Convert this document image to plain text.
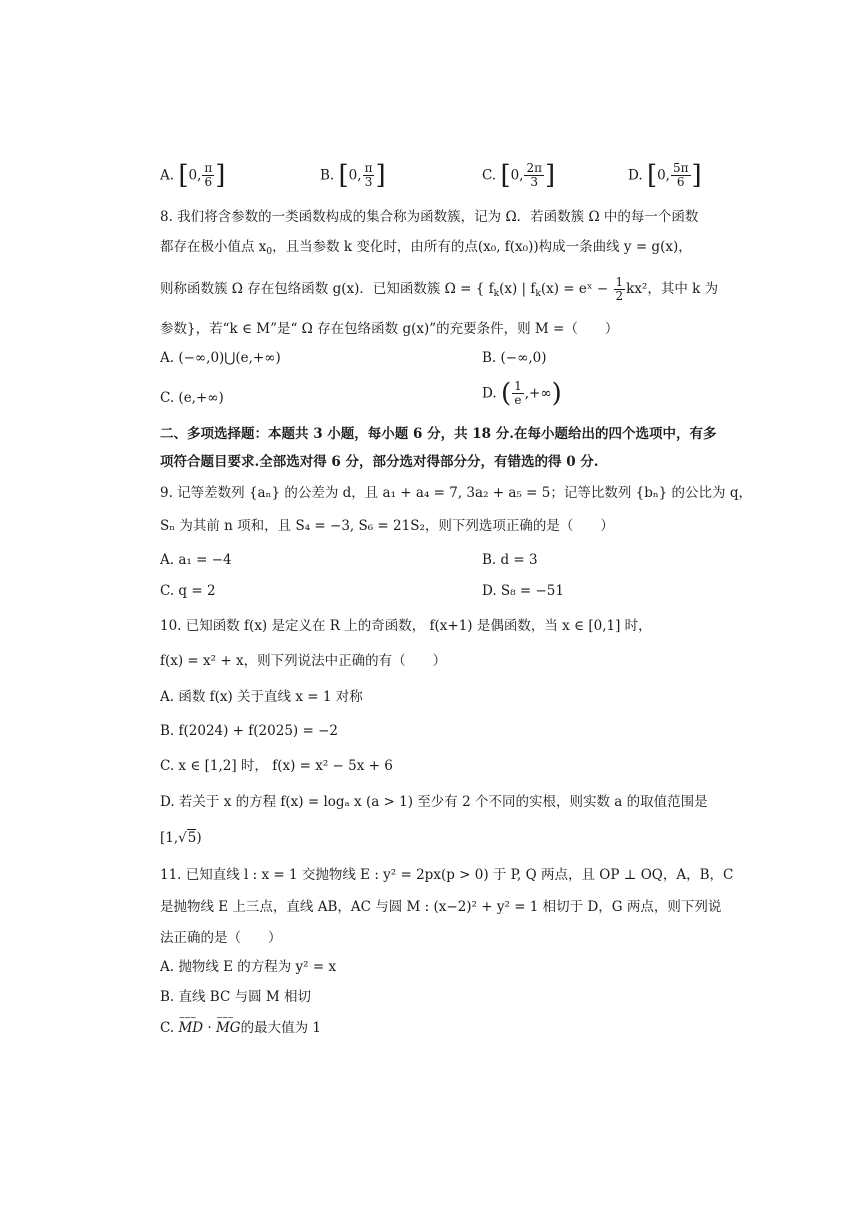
A. [0, $\frac{\pi}{6}$ ]	B. [0, $\frac{\pi}{3}$ ]	C. [0, $\frac{2\pi}{3}$ ]	D. [0, $\frac{5\pi}{6}$ ]
8. 我们将含参数的一类函数构成的集合称为函数簇，记为 Ω．若函数簇 Ω 中的每一个函数
都存在极小值点 $x_0$，且当参数 k 变化时，由所有的点(x₀, f(x₀))构成一条曲线 y = g(x)，
则称函数簇 Ω 存在包络函数 g(x)．已知函数簇 Ω = { $f_k(x)$ | $f_k(x)$ = eˣ − $\frac{1}{2} kx^2$，其中 k 为
参数}，若“k ∈ M”是“ Ω 存在包络函数 g(x)”的充要条件，则 M =（　　）
A. (−∞,0)⋃(e,+∞)	B. (−∞,0)
C. (e,+∞)	D. ( $\frac{1}{e}$ ,+∞)
二、多项选择题：本题共 3 小题，每小题 6 分，共 18 分.在每小题给出的四个选项中，有多
项符合题目要求.全部选对得 6 分，部分选对得部分分，有错选的得 0 分.
9. 记等差数列 {aₙ} 的公差为 d，且 a₁ + a₄ = 7, 3a₂ + a₅ = 5；记等比数列 {bₙ} 的公比为 q，
Sₙ 为其前 n 项和，且 S₄ = −3, S₆ = 21S₂，则下列选项正确的是（　　）
A. a₁ = −4	B. d = 3
C. q = 2	D. S₈ = −51
10. 已知函数 f(x) 是定义在 R 上的奇函数， f(x+1) 是偶函数，当 x ∈ [0,1] 时，
f(x) = x² + x，则下列说法中正确的有（　　）
A. 函数 f(x) 关于直线 x = 1 对称
B. f(2024) + f(2025) = −2
C. x ∈ [1,2] 时， f(x) = x² − 5x + 6
D. 若关于 x 的方程 f(x) = logₐ x (a > 1) 至少有 2 个不同的实根，则实数 a 的取值范围是
[1,√5)
11. 已知直线 l : x = 1 交抛物线 E : y² = 2px(p > 0) 于 P, Q 两点，且 OP ⊥ OQ，A，B，C
是抛物线 E 上三点，直线 AB，AC 与圆 M : (x−2)² + y² = 1 相切于 D，G 两点，则下列说
法正确的是（　　）
A. 抛物线 E 的方程为 y² = x
B. 直线 BC 与圆 M 相切
C. ~~~ MD · ~~~ MG的最大值为 1
